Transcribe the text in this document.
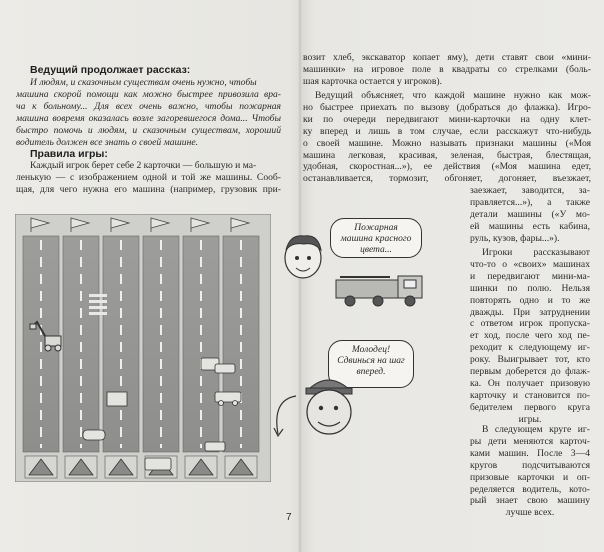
Ведущий продолжает рассказ:
И людям, и сказочным существам очень нужно, чтобы
машина скорой помощи как можно быстрее привозила вра-
ча к больному... Для всех очень важно, чтобы пожарная
машина вовремя оказалась возле загоревшегося дома... Чтобы
быстро помочь и людям, и сказочным существам, хороший
водитель должен все знать о своей машине.
Правила игры:
Каждый игрок берет себе 2 карточки — большую и ма-
ленькую — с изображением одной и той же машины. Сооб-
щая, для чего нужна его машина (например, грузовик при-
Пожарная машина красного цвета...
Молодец! Сдвинься на шаг вперед.
возит хлеб, экскаватор копает яму), дети ставят свои «мини-
машинки» на игровое поле в квадраты со стрелками (боль-
шая карточка остается у игроков).
Ведущий объясняет, что каждой машине нужно как мож-
но быстрее приехать по вызову (добраться до флажка). Игро-
ки по очереди передвигают мини-карточки на одну клет-
ку вперед и лишь в том случае, если расскажут что-нибудь
о своей машине. Можно называть признаки машины («Моя
машина легковая, красивая, зеленая, быстрая, блестящая,
удобная, скоростная...»), ее действия («Моя машина едет,
останавливается, тормозит, обгоняет, догоняет, въезжает,
заезжает, заводится, за-
правляется...»), а также
детали машины («У мо-
ей машины есть кабина,
руль, кузов, фары...»).
Игроки рассказывают
что-то о «своих» машинах
и передвигают мини-ма-
шинки по полю. Нельзя
повторять одно и то же
дважды. При затруднении
с ответом игрок пропуска-
ет ход, после чего ход пе-
реходит к следующему иг-
року. Выигрывает тот, кто
первым доберется до флаж-
ка. Он получает призовую
карточку и становится по-
бедителем первого круга
игры.
В следующем круге иг-
ры дети меняются карточ-
ками машин. После 3—4
кругов подсчитываются
призовые карточки и оп-
ределяется водитель, кото-
рый знает свою машину
лучше всех.
7
